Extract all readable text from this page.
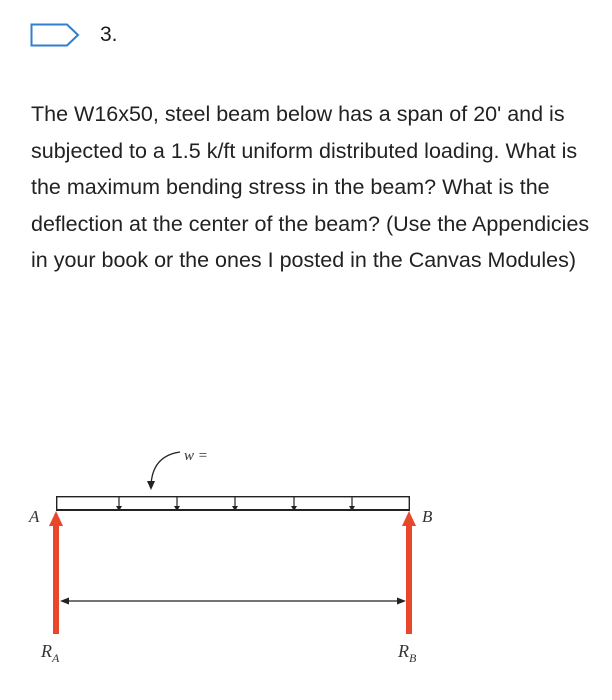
3.

The W16x50, steel beam below has a span of 20' and is subjected to a 1.5 k/ft uniform distributed loading. What is the maximum bending stress in the beam? What is the deflection at the center of the beam? (Use the Appendicies in your book or the ones I posted in the Canvas Modules)

w =
A	B
$R_A$	$R_B$
